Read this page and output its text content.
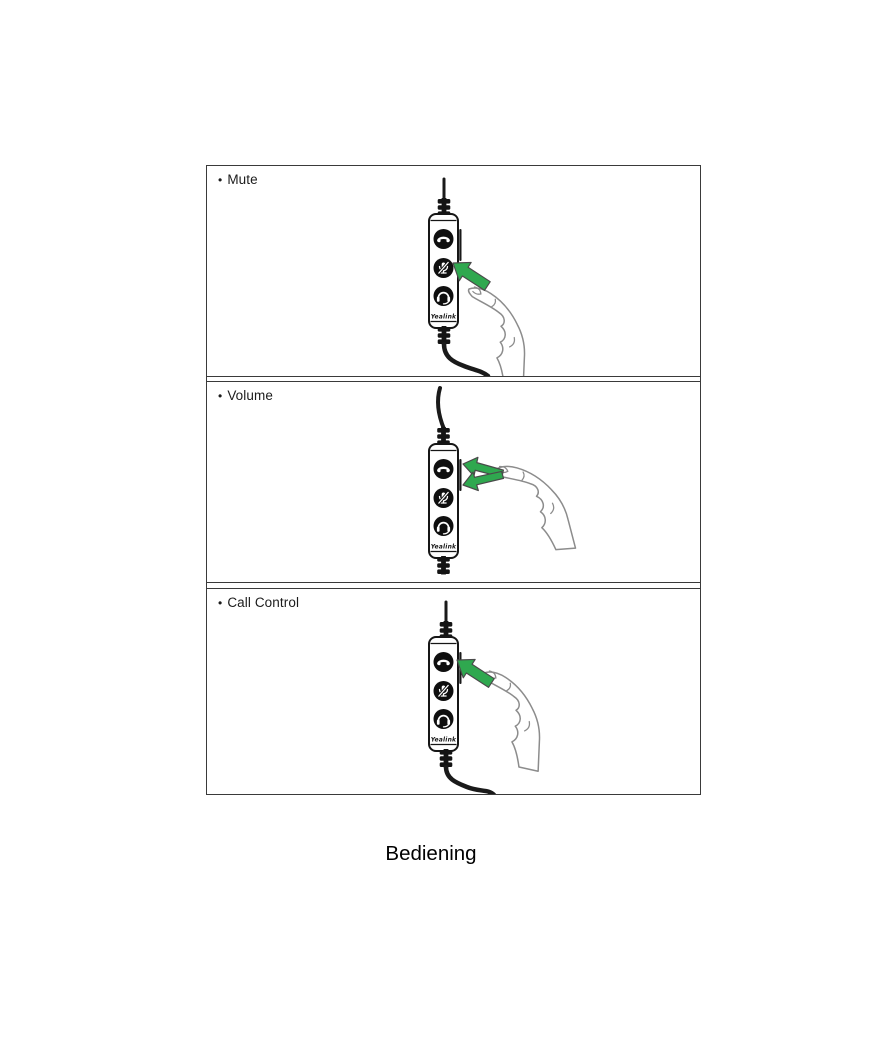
• Mute
• Volume
• Call Control
Bediening
